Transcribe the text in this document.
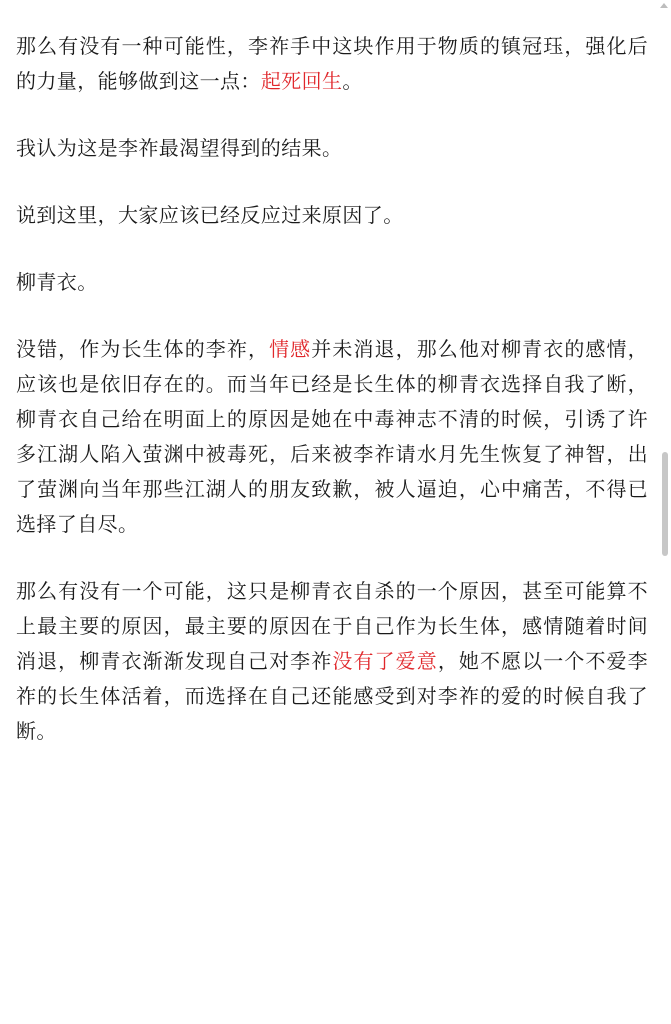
那么有没有一种可能性，李祚手中这块作用于物质的镇冠珏，强化后的力量，能够做到这一点：起死回生。

我认为这是李祚最渴望得到的结果。

说到这里，大家应该已经反应过来原因了。

柳青衣。

没错，作为长生体的李祚，情感并未消退，那么他对柳青衣的感情，应该也是依旧存在的。而当年已经是长生体的柳青衣选择自我了断，柳青衣自己给在明面上的原因是她在中毒神志不清的时候，引诱了许多江湖人陷入萤渊中被毒死，后来被李祚请水月先生恢复了神智，出了萤渊向当年那些江湖人的朋友致歉，被人逼迫，心中痛苦，不得已选择了自尽。

那么有没有一个可能，这只是柳青衣自杀的一个原因，甚至可能算不上最主要的原因，最主要的原因在于自己作为长生体，感情随着时间消退，柳青衣渐渐发现自己对李祚没有了爱意，她不愿以一个不爱李祚的长生体活着，而选择在自己还能感受到对李祚的爱的时候自我了断。
